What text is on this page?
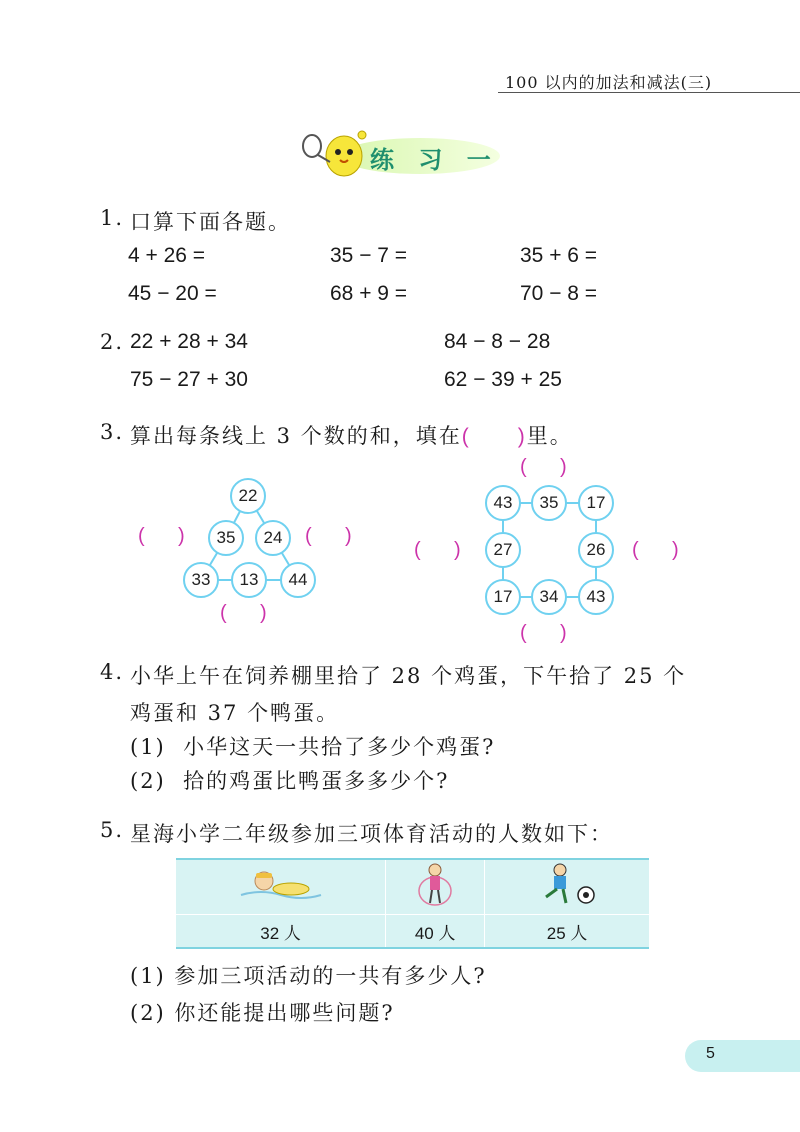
100 以内的加法和减法(三)
练 习 一
1. 口算下面各题。
4 + 26 =	35 − 7 =	35 + 6 =
45 − 20 =	68 + 9 =	70 − 8 =
2. 22 + 28 + 34	84 − 8 − 28
75 − 27 + 30	62 − 39 + 25
3. 算出每条线上 3 个数的和，填在(      )里。
22
35	24
33	13	44
(      )	(      )
(      )
43	35	17
27	26
17	34	43
(      )
(      )	(      )
(      )
4. 小华上午在饲养棚里拾了 28 个鸡蛋，下午拾了 25 个
鸡蛋和 37 个鸭蛋。
(1)  小华这天一共拾了多少个鸡蛋?
(2)  拾的鸡蛋比鸭蛋多多少个?
5. 星海小学二年级参加三项体育活动的人数如下：

32 人	40 人	25 人
(1) 参加三项活动的一共有多少人?
(2) 你还能提出哪些问题?
5
